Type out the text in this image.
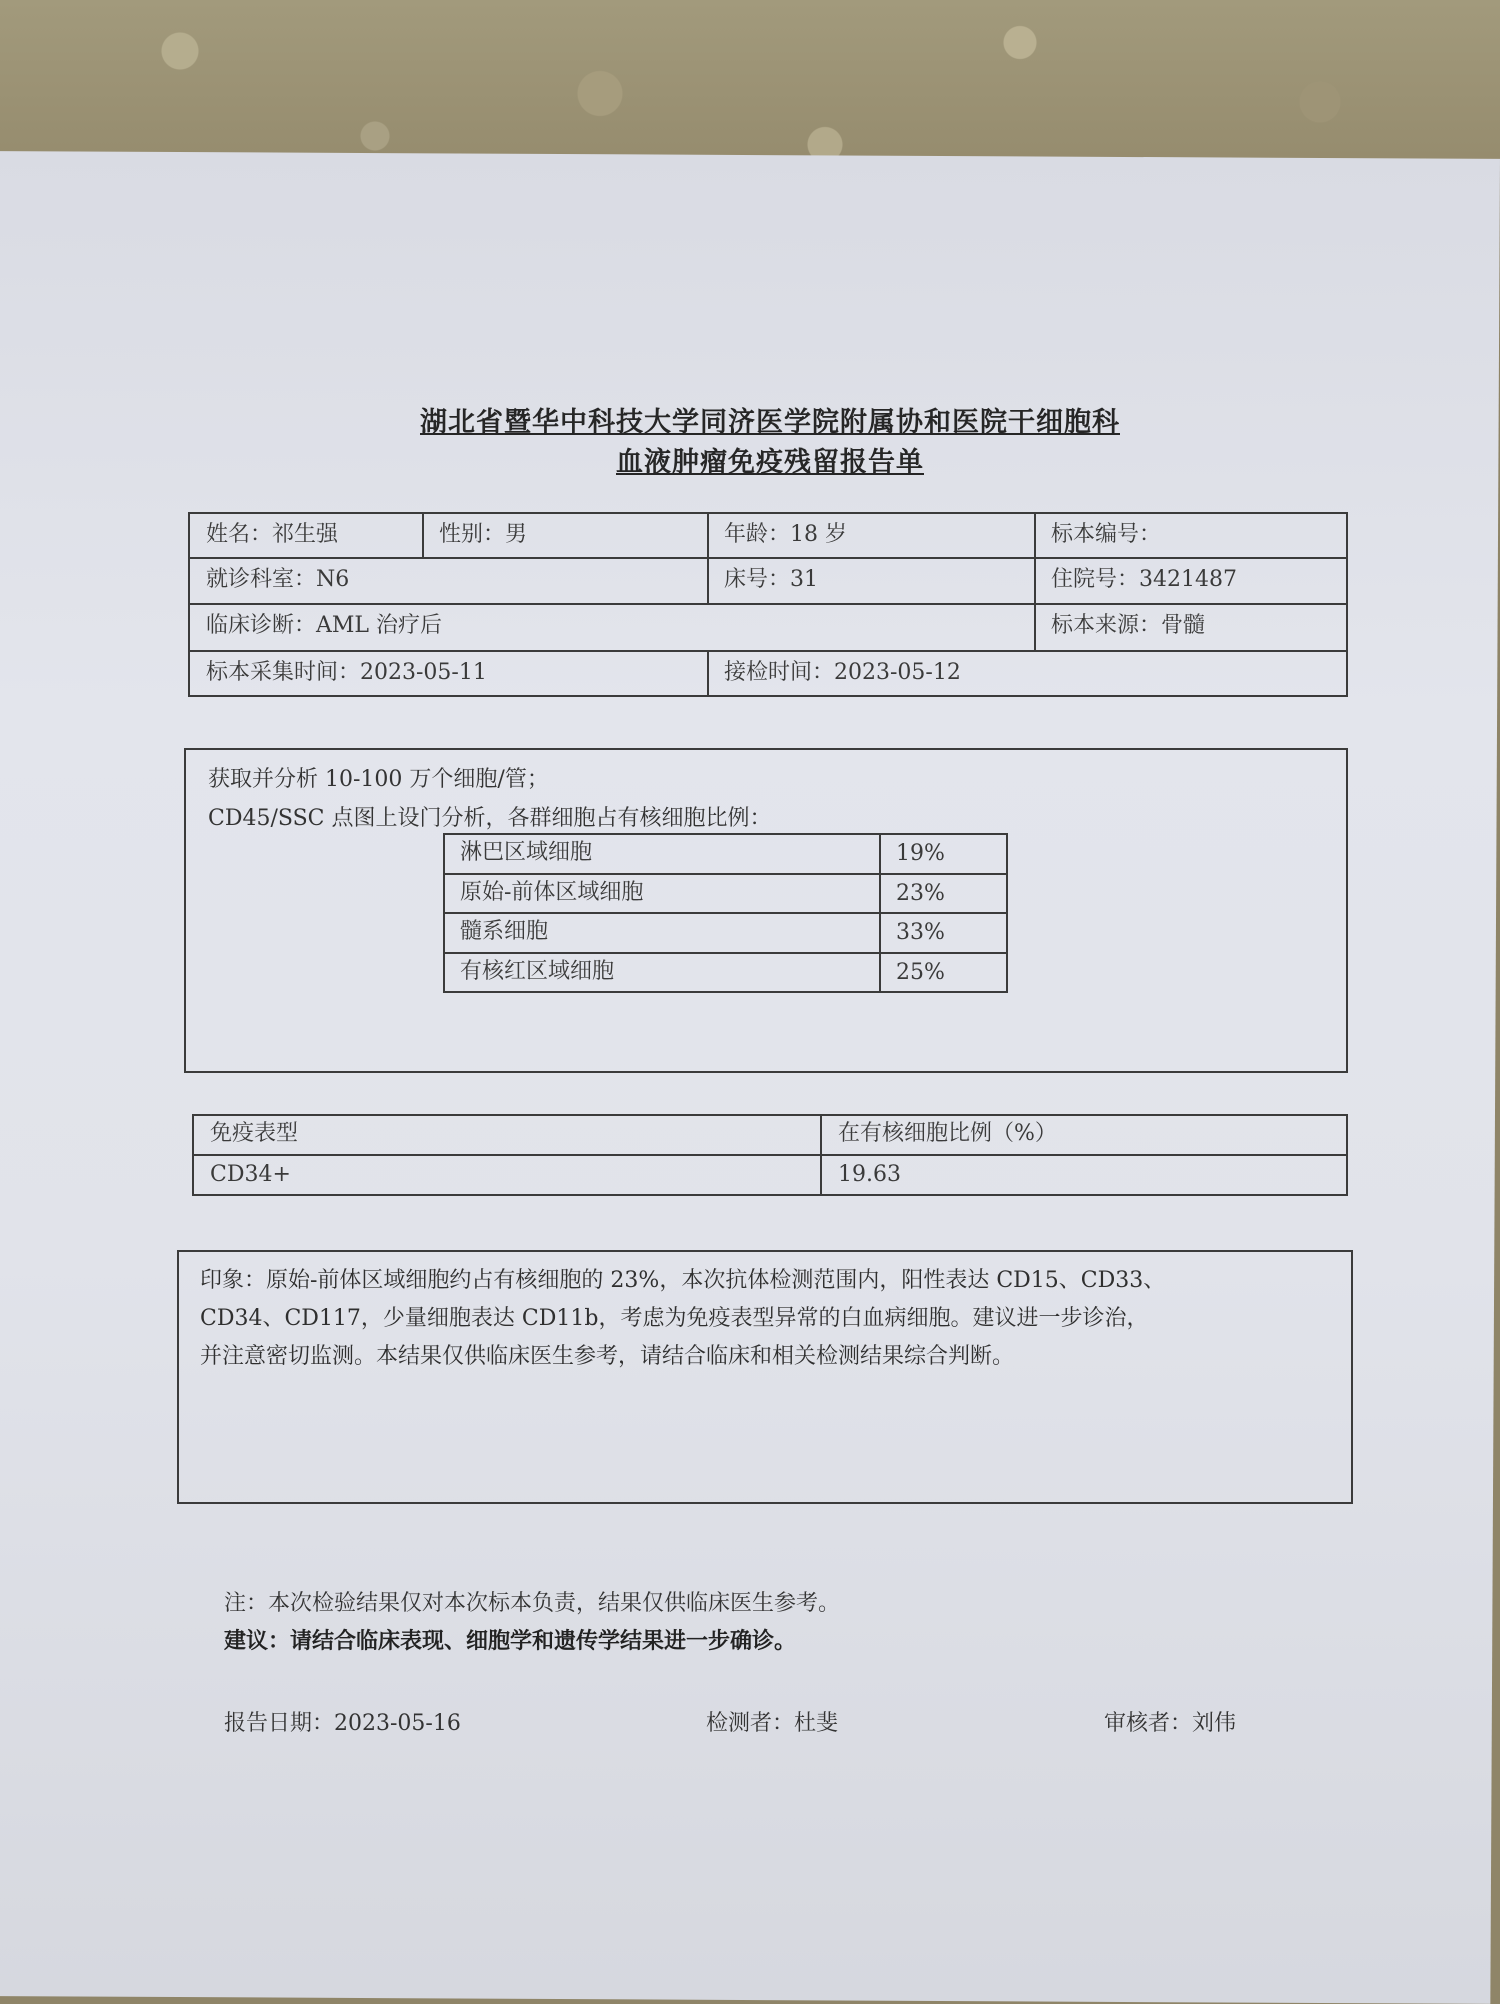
湖北省暨华中科技大学同济医学院附属协和医院干细胞科
血液肿瘤免疫残留报告单
姓名：祁生强	性别：男	年龄：18 岁	标本编号：
就诊科室：N6	床号：31	住院号：3421487
临床诊断：AML 治疗后	标本来源：骨髓
标本采集时间：2023-05-11	接检时间：2023-05-12
获取并分析 10-100 万个细胞/管；
CD45/SSC 点图上设门分析，各群细胞占有核细胞比例：
淋巴区域细胞	19%
原始-前体区域细胞	23%
髓系细胞	33%
有核红区域细胞	25%
免疫表型	在有核细胞比例（%）
CD34+	19.63
印象：原始-前体区域细胞约占有核细胞的 23%，本次抗体检测范围内，阳性表达 CD15、CD33、
CD34、CD117，少量细胞表达 CD11b，考虑为免疫表型异常的白血病细胞。建议进一步诊治，
并注意密切监测。本结果仅供临床医生参考，请结合临床和相关检测结果综合判断。
注：本次检验结果仅对本次标本负责，结果仅供临床医生参考。
建议：请结合临床表现、细胞学和遗传学结果进一步确诊。
报告日期：2023-05-16	检测者：杜斐	审核者：刘伟
